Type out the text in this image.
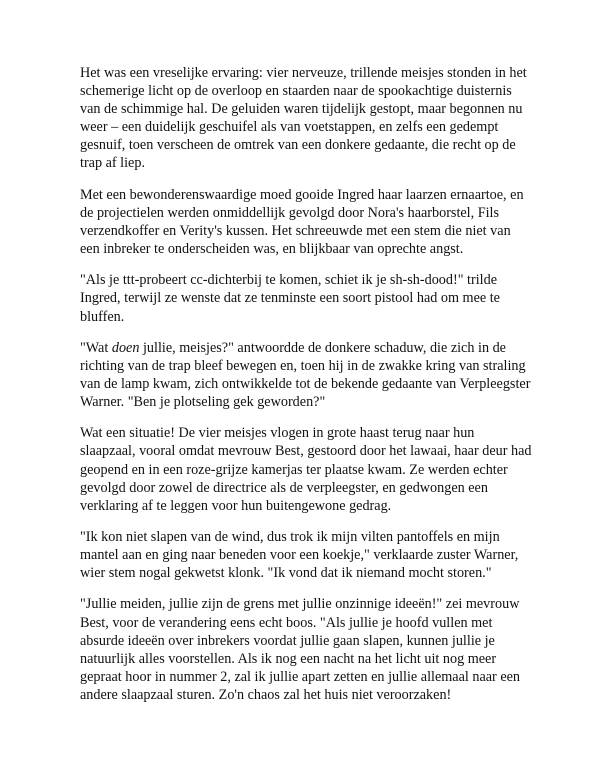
Het was een vreselijke ervaring: vier nerveuze, trillende meisjes stonden in het schemerige licht op de overloop en staarden naar de spookachtige duisternis van de schimmige hal. De geluiden waren tijdelijk gestopt, maar begonnen nu weer – een duidelijk geschuifel als van voetstappen, en zelfs een gedempt gesnuif, toen verscheen de omtrek van een donkere gedaante, die recht op de trap af liep.

Met een bewonderenswaardige moed gooide Ingred haar laarzen ernaartoe, en de projectielen werden onmiddellijk gevolgd door Nora's haarborstel, Fils verzendkoffer en Verity's kussen. Het schreeuwde met een stem die niet van een inbreker te onderscheiden was, en blijkbaar van oprechte angst.

"Als je ttt-probeert cc-dichterbij te komen, schiet ik je sh-sh-dood!" trilde Ingred, terwijl ze wenste dat ze tenminste een soort pistool had om mee te bluffen.

"Wat doen jullie, meisjes?" antwoordde de donkere schaduw, die zich in de richting van de trap bleef bewegen en, toen hij in de zwakke kring van straling van de lamp kwam, zich ontwikkelde tot de bekende gedaante van Verpleegster Warner. "Ben je plotseling gek geworden?"

Wat een situatie! De vier meisjes vlogen in grote haast terug naar hun slaapzaal, vooral omdat mevrouw Best, gestoord door het lawaai, haar deur had geopend en in een roze-grijze kamerjas ter plaatse kwam. Ze werden echter gevolgd door zowel de directrice als de verpleegster, en gedwongen een verklaring af te leggen voor hun buitengewone gedrag.

"Ik kon niet slapen van de wind, dus trok ik mijn vilten pantoffels en mijn mantel aan en ging naar beneden voor een koekje," verklaarde zuster Warner, wier stem nogal gekwetst klonk. "Ik vond dat ik niemand mocht storen."

"Jullie meiden, jullie zijn de grens met jullie onzinnige ideeën!" zei mevrouw Best, voor de verandering eens echt boos. "Als jullie je hoofd vullen met absurde ideeën over inbrekers voordat jullie gaan slapen, kunnen jullie je natuurlijk alles voorstellen. Als ik nog een nacht na het licht uit nog meer gepraat hoor in nummer 2, zal ik jullie apart zetten en jullie allemaal naar een andere slaapzaal sturen. Zo'n chaos zal het huis niet veroorzaken!
